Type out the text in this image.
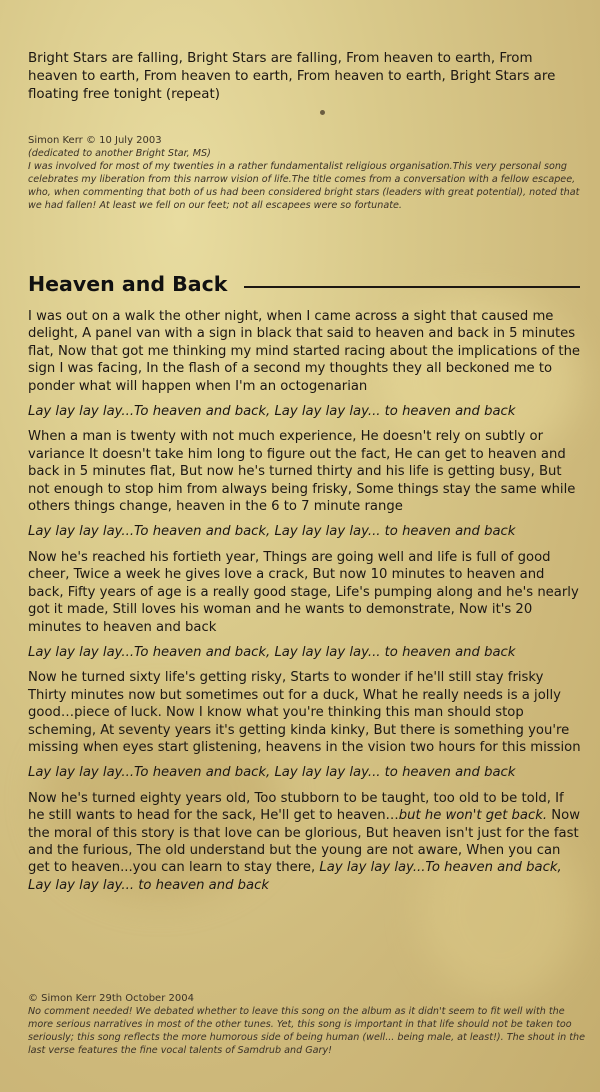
Bright Stars are falling, Bright Stars are falling, From heaven to earth, From heaven to earth, From heaven to earth, From heaven to earth, Bright Stars are floating free tonight (repeat)
Simon Kerr © 10 July 2003
(dedicated to another Bright Star, MS)
I was involved for most of my twenties in a rather fundamentalist religious organisation.This very personal song celebrates my liberation from this narrow vision of life.The title comes from a conversation with a fellow escapee, who, when commenting that both of us had been considered bright stars (leaders with great potential), noted that we had fallen! At least we fell on our feet; not all escapees were so fortunate.
Heaven and Back

I was out on a walk the other night, when I came across a sight that caused me delight, A panel van with a sign in black that said to heaven and back in 5 minutes flat, Now that got me thinking my mind started racing about the implications of the sign I was facing, In the flash of a second my thoughts they all beckoned me to ponder what will happen when I'm an octogenarian

Lay lay lay lay...To heaven and back, Lay lay lay lay... to heaven and back

When a man is twenty with not much experience, He doesn't rely on subtly or variance It doesn't take him long to figure out the fact, He can get to heaven and back in 5 minutes flat, But now he's turned thirty and his life is getting busy, But not enough to stop him from always being frisky, Some things stay the same while others things change, heaven in the 6 to 7 minute range

Lay lay lay lay...To heaven and back, Lay lay lay lay... to heaven and back

Now he's reached his fortieth year, Things are going well and life is full of good cheer, Twice a week he gives love a crack, But now 10 minutes to heaven and back, Fifty years of age is a really good stage, Life's pumping along and he's nearly got it made, Still loves his woman and he wants to demonstrate, Now it's 20 minutes to heaven and back

Lay lay lay lay...To heaven and back, Lay lay lay lay... to heaven and back

Now he turned sixty life's getting risky, Starts to wonder if he'll still stay frisky Thirty minutes now but sometimes out for a duck, What he really needs is a jolly good…piece of luck. Now I know what you're thinking this man should stop scheming, At seventy years it's getting kinda kinky, But there is something you're missing when eyes start glistening, heavens in the vision two hours for this mission

Lay lay lay lay...To heaven and back, Lay lay lay lay... to heaven and back

Now he's turned eighty years old, Too stubborn to be taught, too old to be told, If he still wants to head for the sack, He'll get to heaven…but he won't get back. Now the moral of this story is that love can be glorious, But heaven isn't just for the fast and the furious, The old understand but the young are not aware, When you can get to heaven...you can learn to stay there, Lay lay lay lay...To heaven and back, Lay lay lay lay... to heaven and back

© Simon Kerr 29th October 2004
No comment needed! We debated whether to leave this song on the album as it didn't seem to fit well with the more serious narratives in most of the other tunes. Yet, this song is important in that life should not be taken too seriously; this song reflects the more humorous side of being human (well... being male, at least!). The shout in the last verse features the fine vocal talents of Samdrub and Gary!
